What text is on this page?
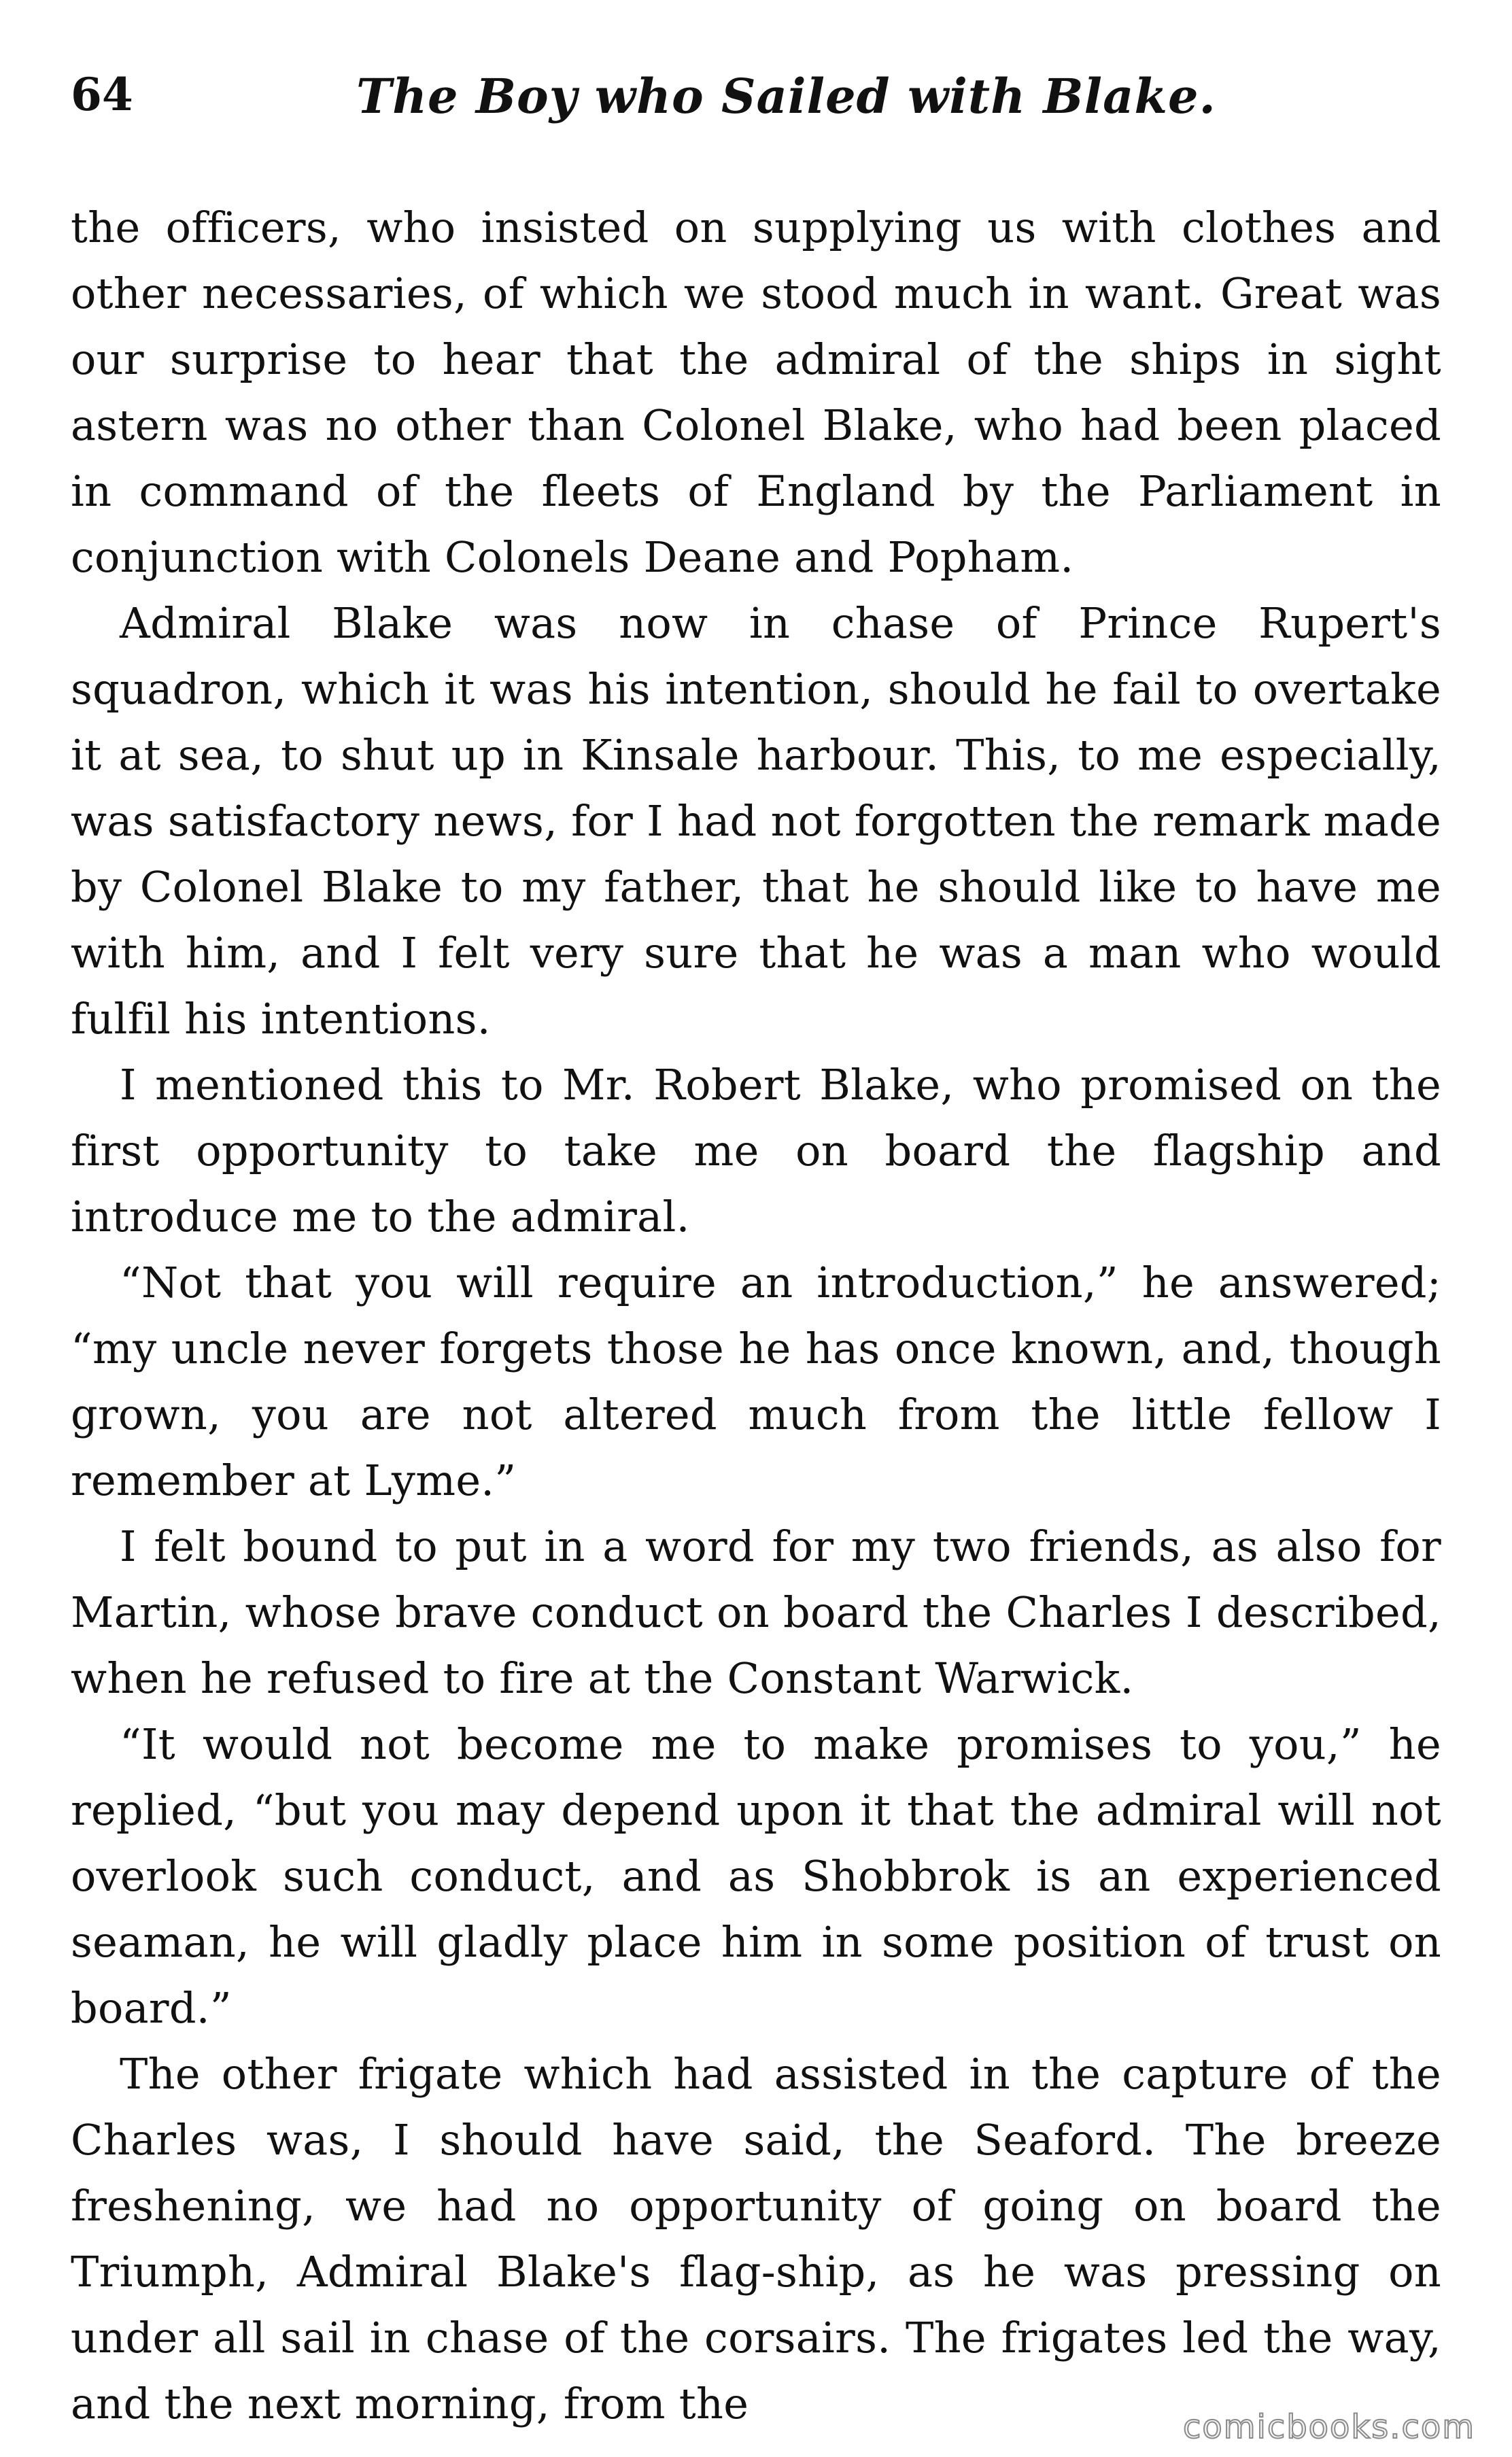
64	The Boy who Sailed with Blake.

the officers, who insisted on supplying us with clothes and other necessaries, of which we stood much in want. Great was our surprise to hear that the admiral of the ships in sight astern was no other than Colonel Blake, who had been placed in command of the fleets of England by the Parliament in conjunction with Colonels Deane and Popham.

Admiral Blake was now in chase of Prince Rupert's squadron, which it was his intention, should he fail to overtake it at sea, to shut up in Kinsale harbour. This, to me especially, was satisfactory news, for I had not forgotten the remark made by Colonel Blake to my father, that he should like to have me with him, and I felt very sure that he was a man who would fulfil his intentions.

I mentioned this to Mr. Robert Blake, who promised on the first opportunity to take me on board the flagship and introduce me to the admiral.

“Not that you will require an introduction,” he answered; “my uncle never forgets those he has once known, and, though grown, you are not altered much from the little fellow I remember at Lyme.”

I felt bound to put in a word for my two friends, as also for Martin, whose brave conduct on board the Charles I described, when he refused to fire at the Constant Warwick.

“It would not become me to make promises to you,” he replied, “but you may depend upon it that the admiral will not overlook such conduct, and as Shobbrok is an experienced seaman, he will gladly place him in some position of trust on board.”

The other frigate which had assisted in the capture of the Charles was, I should have said, the Seaford. The breeze freshening, we had no opportunity of going on board the Triumph, Admiral Blake's flag-ship, as he was pressing on under all sail in chase of the corsairs. The frigates led the way, and the next morning, from the	comicbooks.com
